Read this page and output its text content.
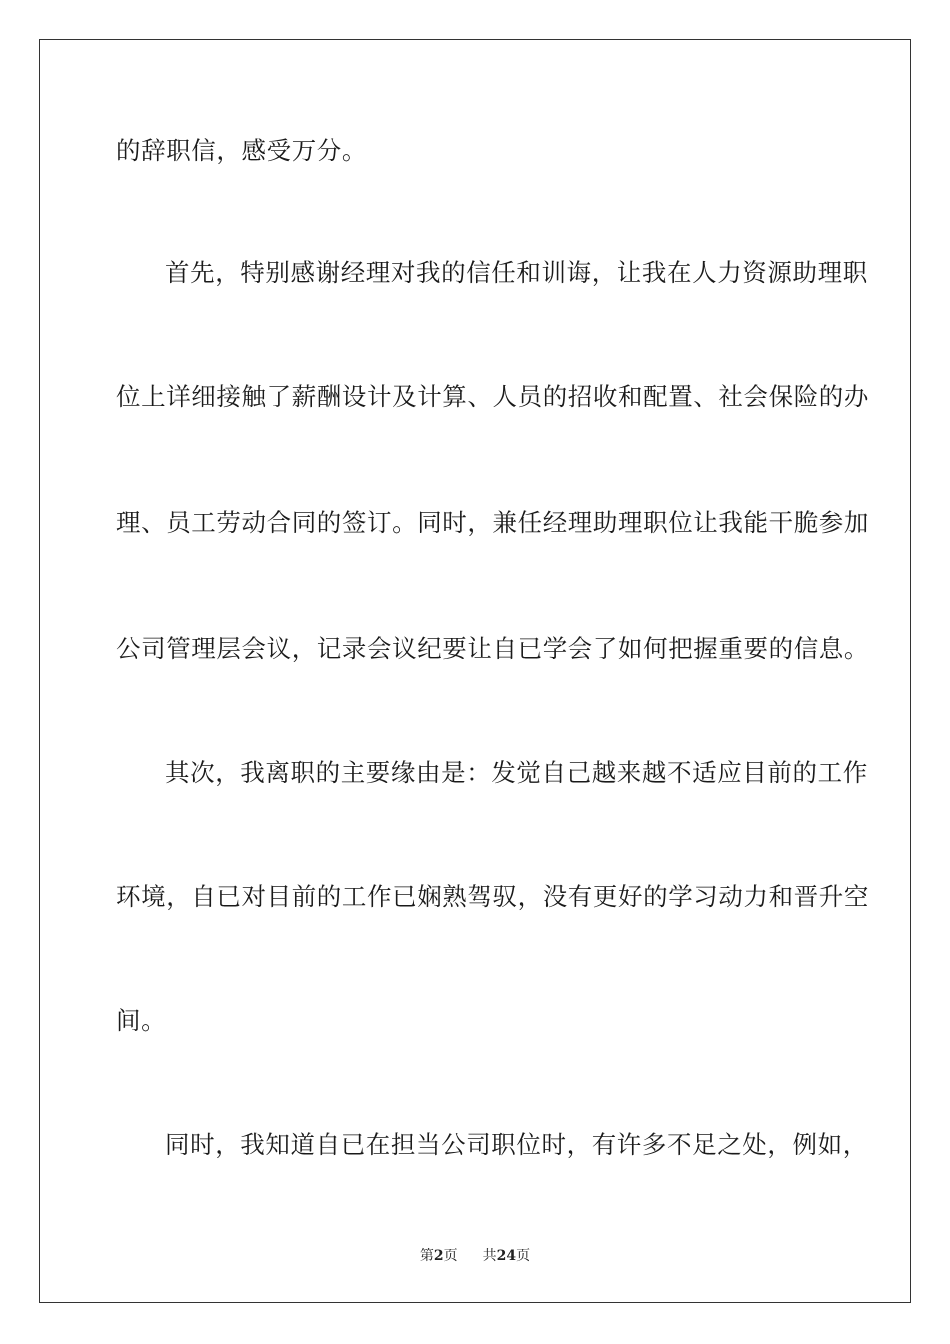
的辞职信，感受万分。
首先，特别感谢经理对我的信任和训诲，让我在人力资源助理职
位上详细接触了薪酬设计及计算、人员的招收和配置、社会保险的办
理、员工劳动合同的签订。同时，兼任经理助理职位让我能干脆参加
公司管理层会议，记录会议纪要让自已学会了如何把握重要的信息。
其次，我离职的主要缘由是：发觉自己越来越不适应目前的工作
环境，自已对目前的工作已娴熟驾驭，没有更好的学习动力和晋升空
间。
同时，我知道自已在担当公司职位时，有许多不足之处，例如，
第2页 共24页
